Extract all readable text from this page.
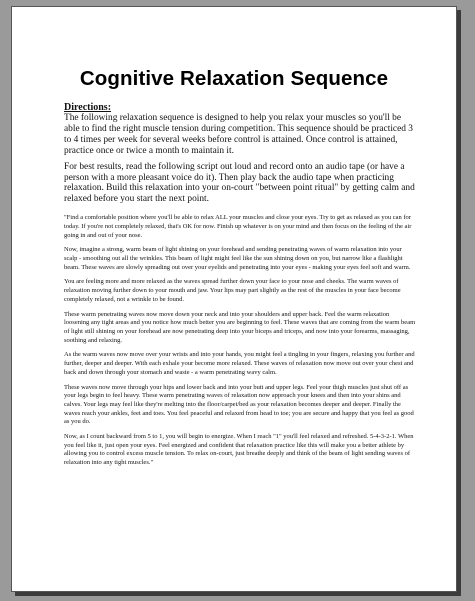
Cognitive Relaxation Sequence

Directions:

The following relaxation sequence is designed to help you relax your muscles so you'll be able to find the right muscle tension during competition. This sequence should be practiced 3 to 4 times per week for several weeks before control is attained. Once control is attained, practice once or twice a month to maintain it.

For best results, read the following script out loud and record onto an audio tape (or have a person with a more pleasant voice do it). Then play back the audio tape when practicing relaxation. Build this relaxation into your on-court "between point ritual" by getting calm and relaxed before you start the next point.

"Find a comfortable position where you'll be able to relax ALL your muscles and close your eyes. Try to get as relaxed as you can for today. If you're not completely relaxed, that's OK for now. Finish up whatever is on your mind and then focus on the feeling of the air going in and out of your nose.

Now, imagine a strong, warm beam of light shining on your forehead and sending penetrating waves of warm relaxation into your scalp - smoothing out all the wrinkles. This beam of light might feel like the sun shining down on you, but narrow like a flashlight beam. These waves are slowly spreading out over your eyelids and penetrating into your eyes - making your eyes feel soft and warm.

You are feeling more and more relaxed as the waves spread further down your face to your nose and cheeks. The warm waves of relaxation moving further down to your mouth and jaw. Your lips may part slightly as the rest of the muscles in your face become completely relaxed, not a wrinkle to be found.

These warm penetrating waves now move down your neck and into your shoulders and upper back. Feel the warm relaxation loosening any tight areas and you notice how much better you are beginning to feel. These waves that are coming from the warm beam of light still shining on your forehead are now penetrating deep into your biceps and triceps, and now into your forearms, massaging, soothing and relaxing.

As the warm waves now move over your wrists and into your hands, you might feel a tingling in your fingers, relaxing you further and further, deeper and deeper. With each exhale your become more relaxed. These waves of relaxation now move out over your chest and back and down through your stomach and waste - a warm penetrating wavy calm.

These waves now move through your hips and lower back and into your butt and upper legs. Feel your thigh muscles just shut off as your legs begin to feel heavy. These warm penetrating waves of relaxation now approach your knees and then into your shins and calves. Your legs may feel like they're melting into the floor/carpet/bed as your relaxation becomes deeper and deeper. Finally the waves reach your ankles, feet and toes. You feel peaceful and relaxed from head to toe; you are secure and happy that you feel as good as you do.

Now, as I count backward from 5 to 1, you will begin to energize. When I reach "1" you'll feel relaxed and refreshed. 5-4-3-2-1. When you feel like it, just open your eyes. Feel energized and confident that relaxation practice like this will make you a better athlete by allowing you to control excess muscle tension. To relax on-court, just breathe deeply and think of the beam of light sending waves of relaxation into any tight muscles."
